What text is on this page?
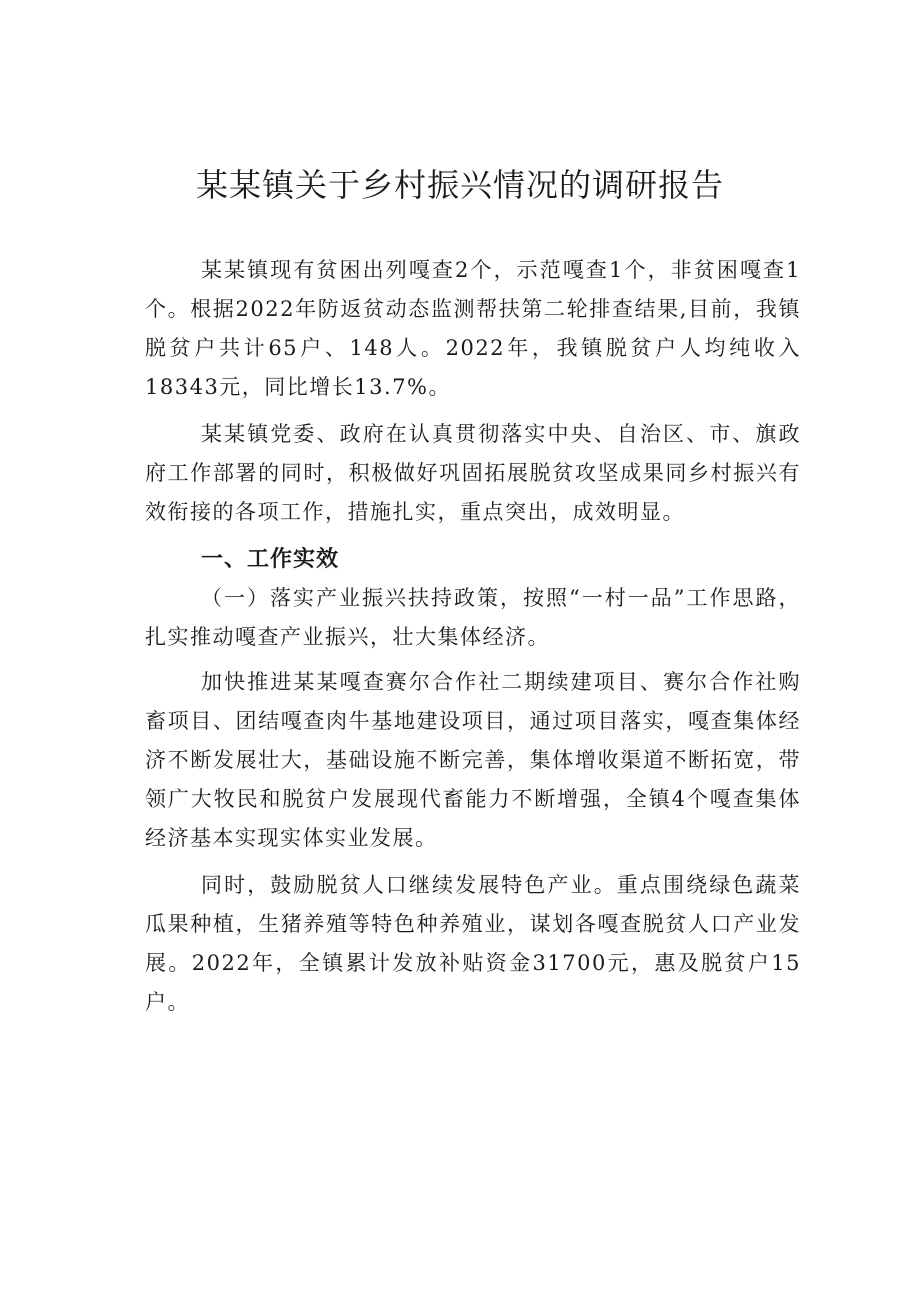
某某镇关于乡村振兴情况的调研报告

某某镇现有贫困出列嘎查2个，示范嘎查1个，非贫困嘎查1个。根据2022年防返贫动态监测帮扶第二轮排查结果,目前，我镇脱贫户共计65户、148人。2022年，我镇脱贫户人均纯收入18343元，同比增长13.7%。

某某镇党委、政府在认真贯彻落实中央、自治区、市、旗政府工作部署的同时，积极做好巩固拓展脱贫攻坚成果同乡村振兴有效衔接的各项工作，措施扎实，重点突出，成效明显。

一、工作实效

（一）落实产业振兴扶持政策，按照“一村一品”工作思路，扎实推动嘎查产业振兴，壮大集体经济。

加快推进某某嘎查赛尔合作社二期续建项目、赛尔合作社购畜项目、团结嘎查肉牛基地建设项目，通过项目落实，嘎查集体经济不断发展壮大，基础设施不断完善，集体增收渠道不断拓宽，带领广大牧民和脱贫户发展现代畜能力不断增强，全镇4个嘎查集体经济基本实现实体实业发展。

同时，鼓励脱贫人口继续发展特色产业。重点围绕绿色蔬菜瓜果种植，生猪养殖等特色种养殖业，谋划各嘎查脱贫人口产业发展。2022年，全镇累计发放补贴资金31700元，惠及脱贫户15户。
